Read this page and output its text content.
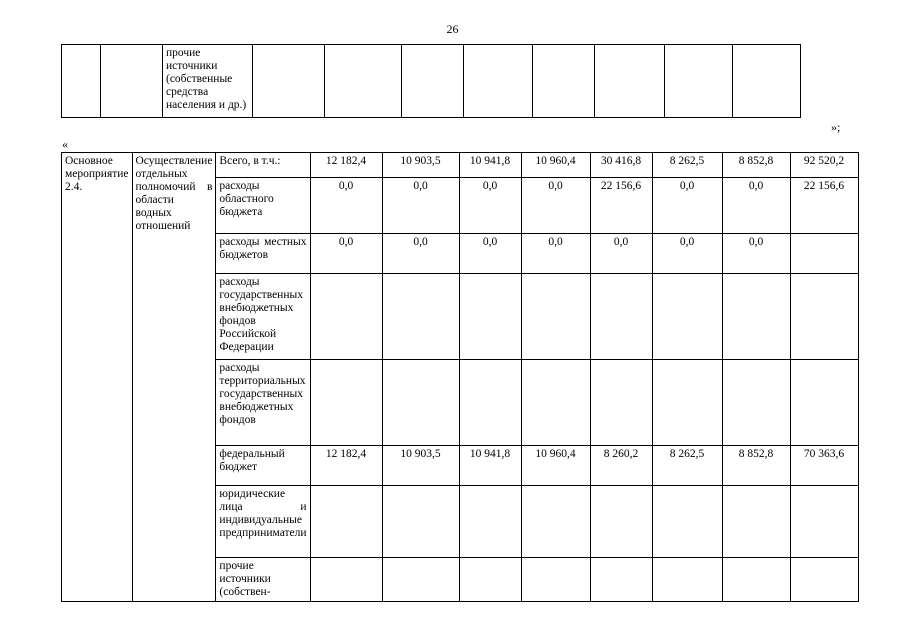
26
		прочие источники (собственные средства населения и др.)								
»;
«
Основное мероприятие 2.4.	Осуществление отдельных полномочий в области водных отношений	Всего, в т.ч.:	12 182,4	10 903,5	10 941,8	10 960,4	30 416,8	8 262,5	8 852,8	92 520,2
		расходы областного бюджета	0,0	0,0	0,0	0,0	22 156,6	0,0	0,0	22 156,6
		расходы местных бюджетов	0,0	0,0	0,0	0,0	0,0	0,0	0,0	
		расходы государственных внебюджетных фондов Российской Федерации								
		расходы территориальных государственных внебюджетных фондов								
		федеральный бюджет	12 182,4	10 903,5	10 941,8	10 960,4	8 260,2	8 262,5	8 852,8	70 363,6
		юридические лица и индивидуальные предприниматели								
		прочие источники (собствен-								
